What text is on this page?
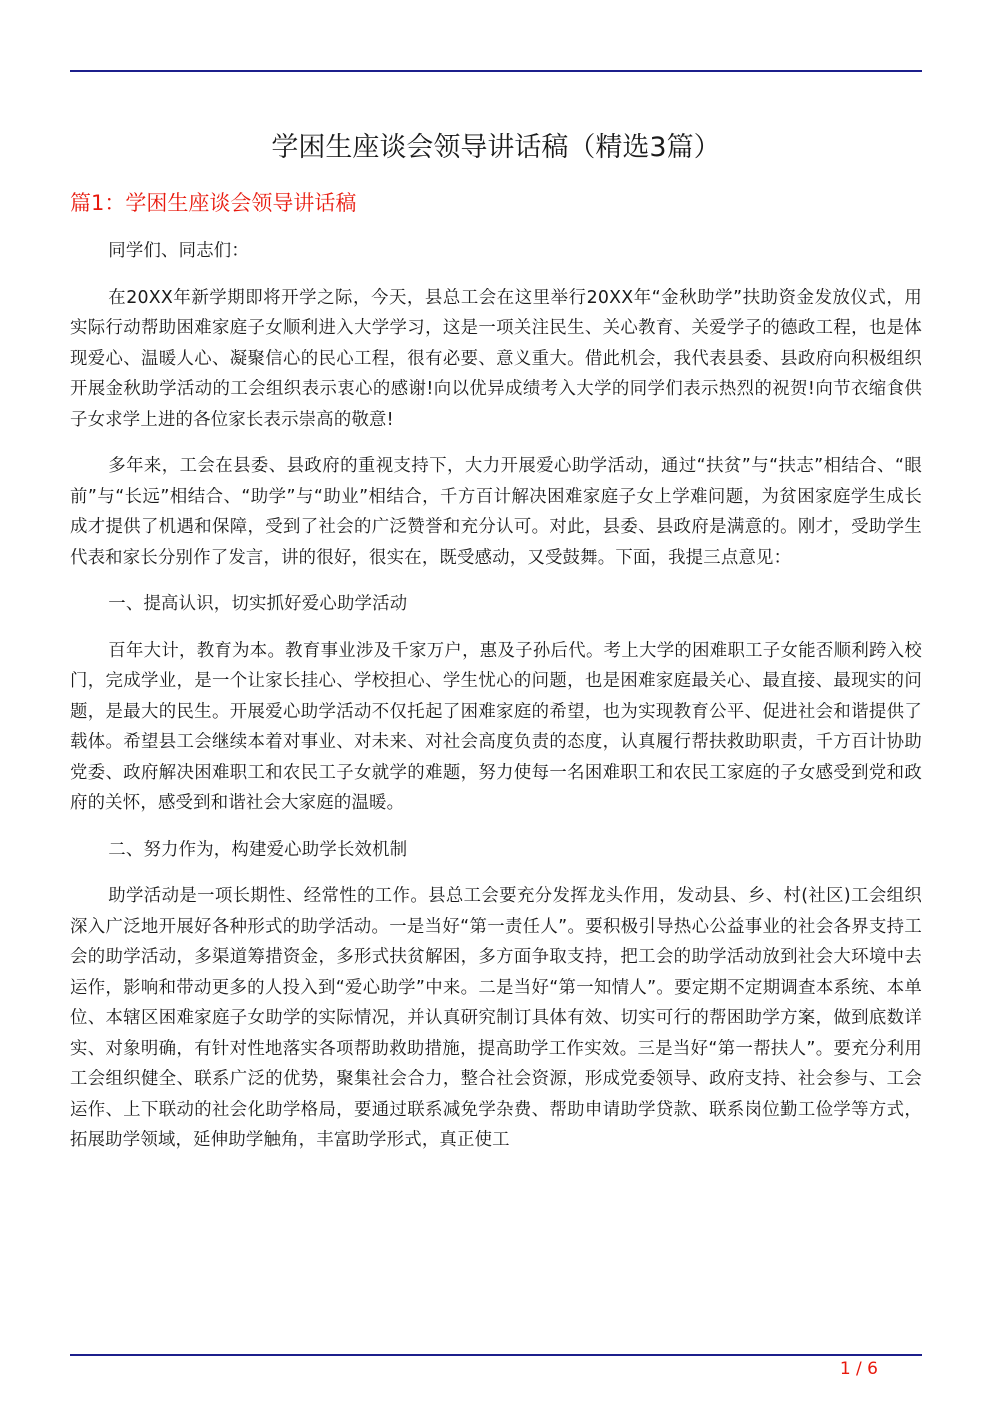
学困生座谈会领导讲话稿（精选3篇）
篇1：学困生座谈会领导讲话稿

同学们、同志们：

在20XX年新学期即将开学之际，今天，县总工会在这里举行20XX年“金秋助学”扶助资金发放仪式，用实际行动帮助困难家庭子女顺利进入大学学习，这是一项关注民生、关心教育、关爱学子的德政工程，也是体现爱心、温暖人心、凝聚信心的民心工程，很有必要、意义重大。借此机会，我代表县委、县政府向积极组织开展金秋助学活动的工会组织表示衷心的感谢!向以优异成绩考入大学的同学们表示热烈的祝贺!向节衣缩食供子女求学上进的各位家长表示崇高的敬意!

多年来，工会在县委、县政府的重视支持下，大力开展爱心助学活动，通过“扶贫”与“扶志”相结合、“眼前”与“长远”相结合、“助学”与“助业”相结合，千方百计解决困难家庭子女上学难问题，为贫困家庭学生成长成才提供了机遇和保障，受到了社会的广泛赞誉和充分认可。对此，县委、县政府是满意的。刚才，受助学生代表和家长分别作了发言，讲的很好，很实在，既受感动，又受鼓舞。下面，我提三点意见：

一、提高认识，切实抓好爱心助学活动

百年大计，教育为本。教育事业涉及千家万户，惠及子孙后代。考上大学的困难职工子女能否顺利跨入校门，完成学业，是一个让家长挂心、学校担心、学生忧心的问题，也是困难家庭最关心、最直接、最现实的问题，是最大的民生。开展爱心助学活动不仅托起了困难家庭的希望，也为实现教育公平、促进社会和谐提供了载体。希望县工会继续本着对事业、对未来、对社会高度负责的态度，认真履行帮扶救助职责，千方百计协助党委、政府解决困难职工和农民工子女就学的难题，努力使每一名困难职工和农民工家庭的子女感受到党和政府的关怀，感受到和谐社会大家庭的温暖。

二、努力作为，构建爱心助学长效机制

助学活动是一项长期性、经常性的工作。县总工会要充分发挥龙头作用，发动县、乡、村(社区)工会组织深入广泛地开展好各种形式的助学活动。一是当好“第一责任人”。要积极引导热心公益事业的社会各界支持工会的助学活动，多渠道筹措资金，多形式扶贫解困，多方面争取支持，把工会的助学活动放到社会大环境中去运作，影响和带动更多的人投入到“爱心助学”中来。二是当好“第一知情人”。要定期不定期调查本系统、本单位、本辖区困难家庭子女助学的实际情况，并认真研究制订具体有效、切实可行的帮困助学方案，做到底数详实、对象明确，有针对性地落实各项帮助救助措施，提高助学工作实效。三是当好“第一帮扶人”。要充分利用工会组织健全、联系广泛的优势，聚集社会合力，整合社会资源，形成党委领导、政府支持、社会参与、工会运作、上下联动的社会化助学格局，要通过联系减免学杂费、帮助申请助学贷款、联系岗位勤工俭学等方式，拓展助学领域，延伸助学触角，丰富助学形式，真正使工

1 / 6
